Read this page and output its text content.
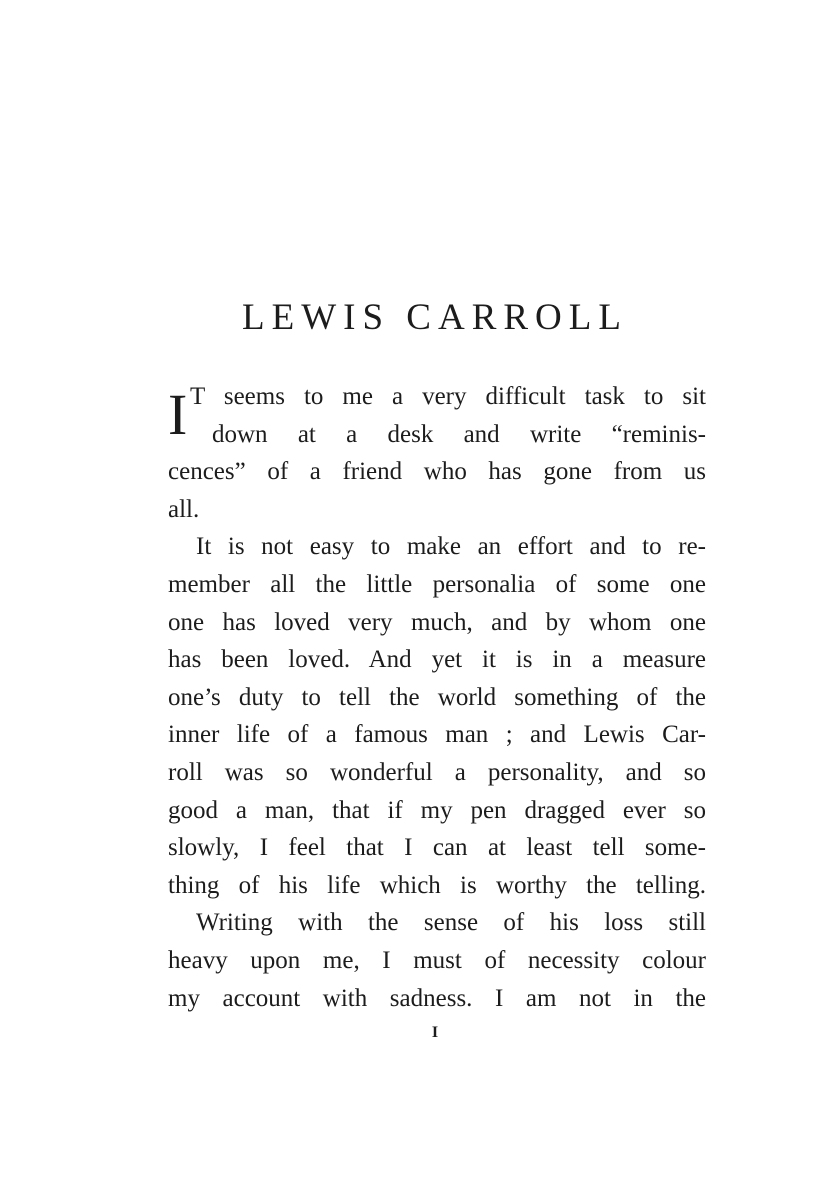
LEWIS CARROLL
I T seems to me a very difficult task to sit
down at a desk and write “reminis-
cences” of a friend who has gone from us
all.
It is not easy to make an effort and to re-
member all the little personalia of some one
one has loved very much, and by whom one
has been loved. And yet it is in a measure
one’s duty to tell the world something of the
inner life of a famous man ; and Lewis Car-
roll was so wonderful a personality, and so
good a man, that if my pen dragged ever so
slowly, I feel that I can at least tell some-
thing of his life which is worthy the telling.
Writing with the sense of his loss still
heavy upon me, I must of necessity colour
my account with sadness. I am not in the
I
